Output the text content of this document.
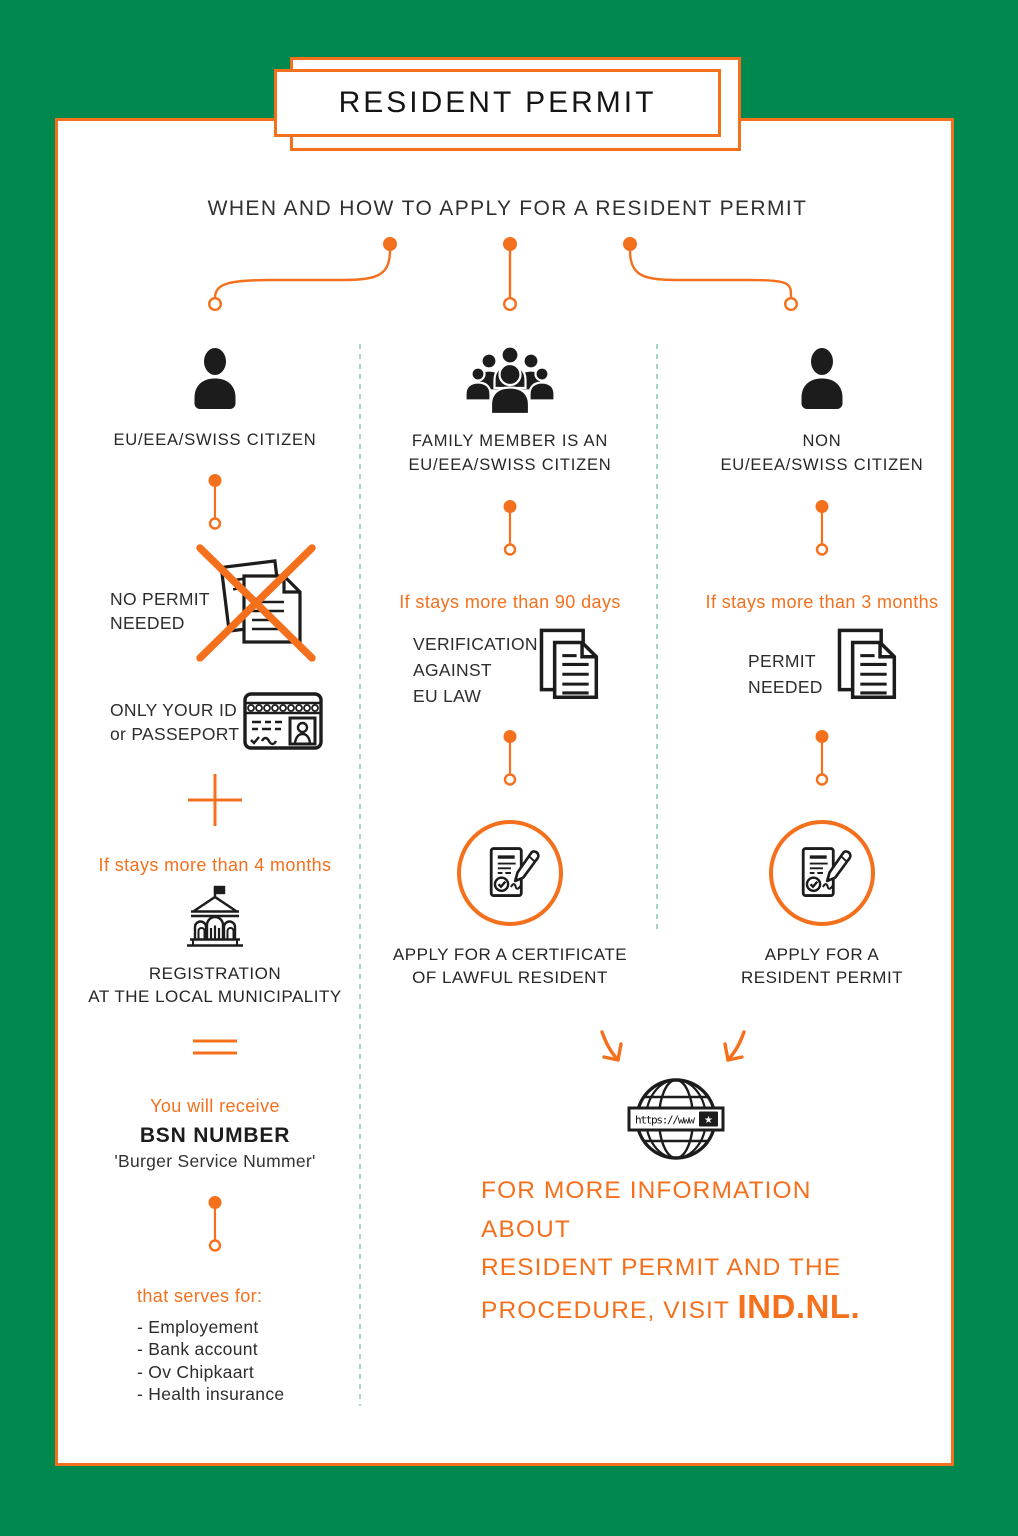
RESIDENT PERMIT
WHEN AND HOW TO APPLY FOR A RESIDENT PERMIT
EU/EEA/SWISS CITIZEN
NO PERMIT
NEEDED
ONLY YOUR ID
or PASSEPORT
If stays more than 4 months
REGISTRATION
AT THE LOCAL MUNICIPALITY
You will receive
BSN NUMBER
'Burger Service Nummer'
that serves for:
- Employement
- Bank account
- Ov Chipkaart
- Health insurance
FAMILY MEMBER IS AN
EU/EEA/SWISS CITIZEN
If stays more than 90 days
VERIFICATION
AGAINST
EU LAW
APPLY FOR A CERTIFICATE
OF LAWFUL RESIDENT
NON
EU/EEA/SWISS CITIZEN
If stays more than 3 months
PERMIT
NEEDED
APPLY FOR A
RESIDENT PERMIT
https://www ★
FOR MORE INFORMATION ABOUT
RESIDENT PERMIT AND THE
PROCEDURE, VISIT IND.NL.
